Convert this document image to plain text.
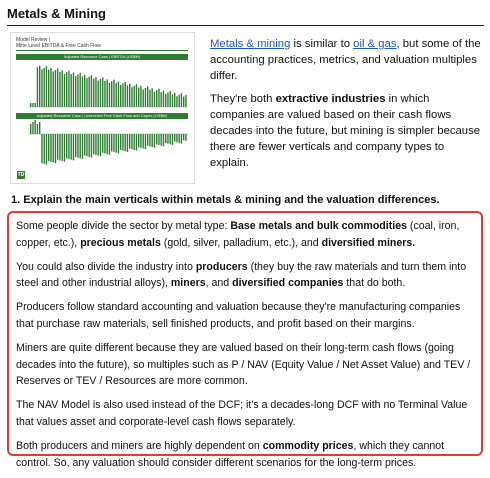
Metals & Mining
Model Review |
Mine Level EBITDA & Free Cash Flow
Adjusted Resource Case | EBITDA (US$M)
Adjusted Resource Case | Unlevered Free Cash Flow and Capex (US$M)
TD

Metals & mining is similar to oil & gas, but some of the accounting practices, metrics, and valuation multiples differ.

They're both extractive industries in which companies are valued based on their cash flows decades into the future, but mining is simpler because there are fewer verticals and company types to explain.

1. Explain the main verticals within metals & mining and the valuation differences.

Some people divide the sector by metal type: Base metals and bulk commodities (coal, iron, copper, etc.), precious metals (gold, silver, palladium, etc.), and diversified miners.

You could also divide the industry into producers (they buy the raw materials and turn them into steel and other industrial alloys), miners, and diversified companies that do both.

Producers follow standard accounting and valuation because they're manufacturing companies that purchase raw materials, sell finished products, and profit based on their margins.

Miners are quite different because they are valued based on their long-term cash flows (going decades into the future), so multiples such as P / NAV (Equity Value / Net Asset Value) and TEV / Reserves or TEV / Resources are more common.

The NAV Model is also used instead of the DCF; it's a decades-long DCF with no Terminal Value that values asset and corporate-level cash flows separately.

Both producers and miners are highly dependent on commodity prices, which they cannot control. So, any valuation should consider different scenarios for the long-term prices.
